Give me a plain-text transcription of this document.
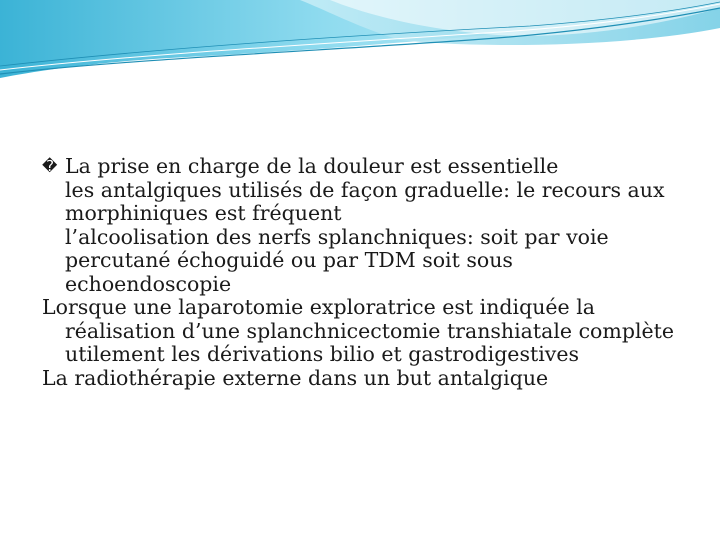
� La prise en charge de la douleur est essentielle

les antalgiques utilisés de façon graduelle: le recours aux morphiniques est fréquent

l’alcoolisation des nerfs splanchniques: soit par voie percutané échoguidé ou par TDM soit sous echoendoscopie

Lorsque une laparotomie exploratrice est indiquée la réalisation d’une splanchnicectomie transhiatale complète utilement les dérivations bilio et gastrodigestives

La radiothérapie externe dans un but antalgique
